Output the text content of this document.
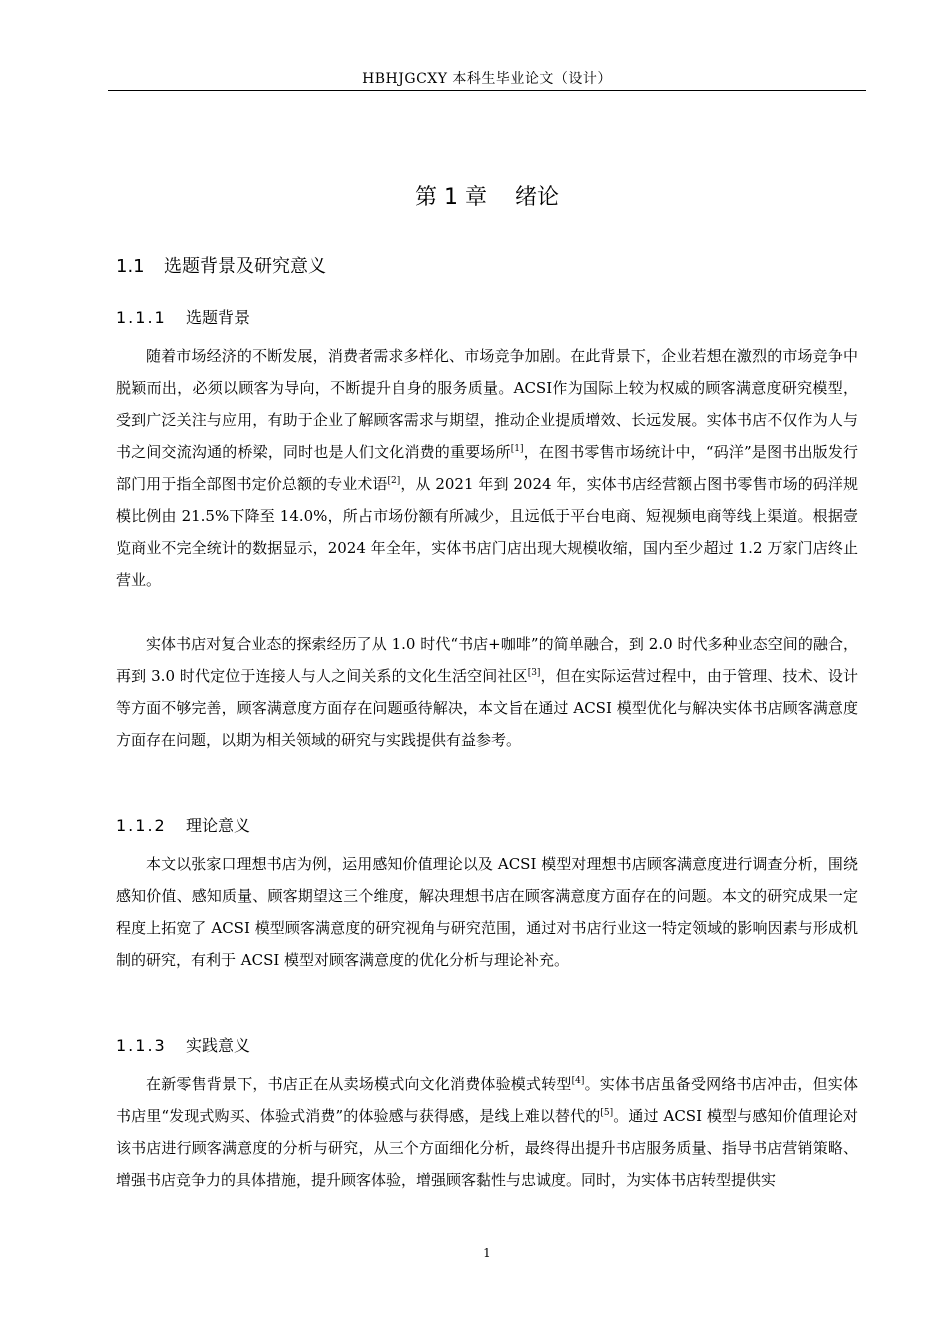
HBHJGCXY 本科生毕业论文（设计）
第 1 章    绪论
1.1 选题背景及研究意义
1.1.1 选题背景

随着市场经济的不断发展，消费者需求多样化、市场竞争加剧。在此背景下，企业若想在激烈的市场竞争中脱颖而出，必须以顾客为导向，不断提升自身的服务质量。ACSI作为国际上较为权威的顾客满意度研究模型，受到广泛关注与应用，有助于企业了解顾客需求与期望，推动企业提质增效、长远发展。实体书店不仅作为人与书之间交流沟通的桥梁，同时也是人们文化消费的重要场所[1]，在图书零售市场统计中，“码洋”是图书出版发行部门用于指全部图书定价总额的专业术语[2]，从 2021 年到 2024 年，实体书店经营额占图书零售市场的码洋规模比例由 21.5%下降至 14.0%，所占市场份额有所减少，且远低于平台电商、短视频电商等线上渠道。根据壹览商业不完全统计的数据显示，2024 年全年，实体书店门店出现大规模收缩，国内至少超过 1.2 万家门店终止营业。

实体书店对复合业态的探索经历了从 1.0 时代“书店+咖啡”的简单融合，到 2.0 时代多种业态空间的融合，再到 3.0 时代定位于连接人与人之间关系的文化生活空间社区[3]，但在实际运营过程中，由于管理、技术、设计等方面不够完善，顾客满意度方面存在问题亟待解决，本文旨在通过 ACSI 模型优化与解决实体书店顾客满意度方面存在问题，以期为相关领域的研究与实践提供有益参考。

1.1.2 理论意义

本文以张家口理想书店为例，运用感知价值理论以及 ACSI 模型对理想书店顾客满意度进行调查分析，围绕感知价值、感知质量、顾客期望这三个维度，解决理想书店在顾客满意度方面存在的问题。本文的研究成果一定程度上拓宽了 ACSI 模型顾客满意度的研究视角与研究范围，通过对书店行业这一特定领域的影响因素与形成机制的研究，有利于 ACSI 模型对顾客满意度的优化分析与理论补充。

1.1.3 实践意义

在新零售背景下，书店正在从卖场模式向文化消费体验模式转型[4]。实体书店虽备受网络书店冲击，但实体书店里“发现式购买、体验式消费”的体验感与获得感，是线上难以替代的[5]。通过 ACSI 模型与感知价值理论对该书店进行顾客满意度的分析与研究，从三个方面细化分析，最终得出提升书店服务质量、指导书店营销策略、增强书店竞争力的具体措施，提升顾客体验，增强顾客黏性与忠诚度。同时，为实体书店转型提供实

1
